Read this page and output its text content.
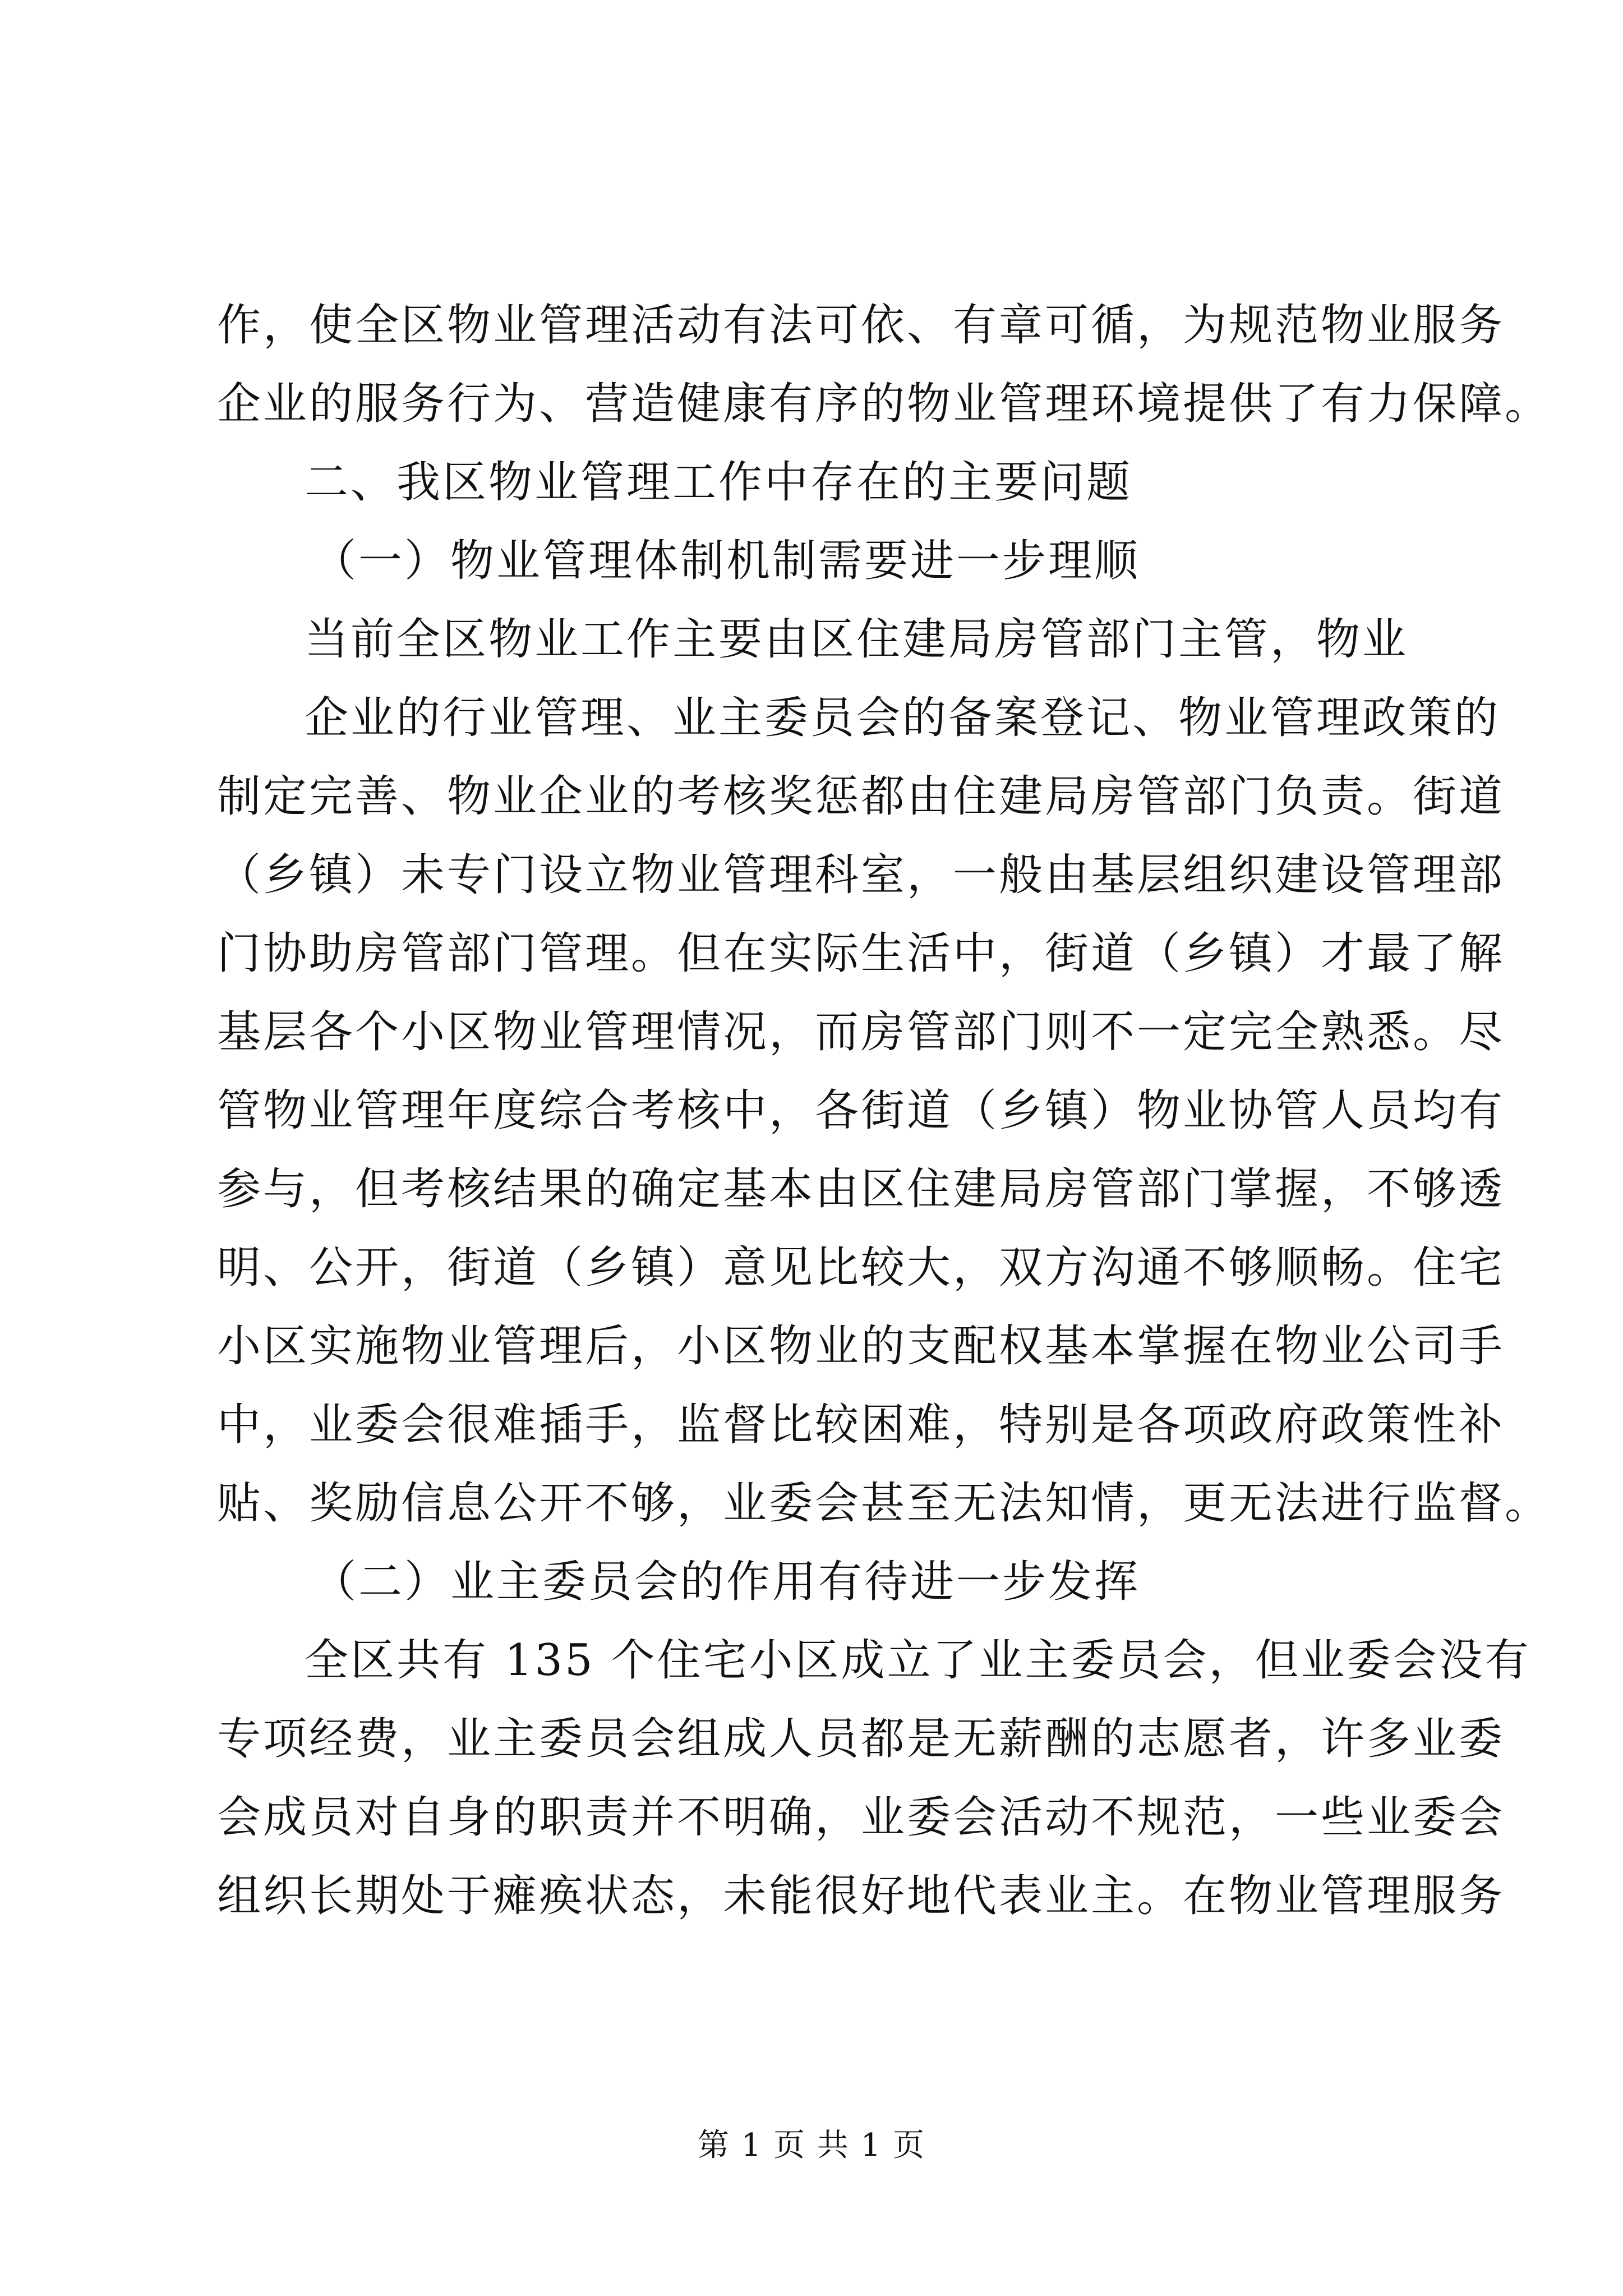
作，使全区物业管理活动有法可依、有章可循，为规范物业服务
企业的服务行为、营造健康有序的物业管理环境提供了有力保障。
二、我区物业管理工作中存在的主要问题
（一）物业管理体制机制需要进一步理顺
当前全区物业工作主要由区住建局房管部门主管，物业
企业的行业管理、业主委员会的备案登记、物业管理政策的
制定完善、物业企业的考核奖惩都由住建局房管部门负责。街道
（乡镇）未专门设立物业管理科室，一般由基层组织建设管理部
门协助房管部门管理。但在实际生活中，街道（乡镇）才最了解
基层各个小区物业管理情况，而房管部门则不一定完全熟悉。尽
管物业管理年度综合考核中，各街道（乡镇）物业协管人员均有
参与，但考核结果的确定基本由区住建局房管部门掌握，不够透
明、公开，街道（乡镇）意见比较大，双方沟通不够顺畅。住宅
小区实施物业管理后，小区物业的支配权基本掌握在物业公司手
中，业委会很难插手，监督比较困难，特别是各项政府政策性补
贴、奖励信息公开不够，业委会甚至无法知情，更无法进行监督。
（二）业主委员会的作用有待进一步发挥
全区共有 135 个住宅小区成立了业主委员会，但业委会没有
专项经费，业主委员会组成人员都是无薪酬的志愿者，许多业委
会成员对自身的职责并不明确，业委会活动不规范，一些业委会
组织长期处于瘫痪状态，未能很好地代表业主。在物业管理服务
第 1 页 共 1 页
